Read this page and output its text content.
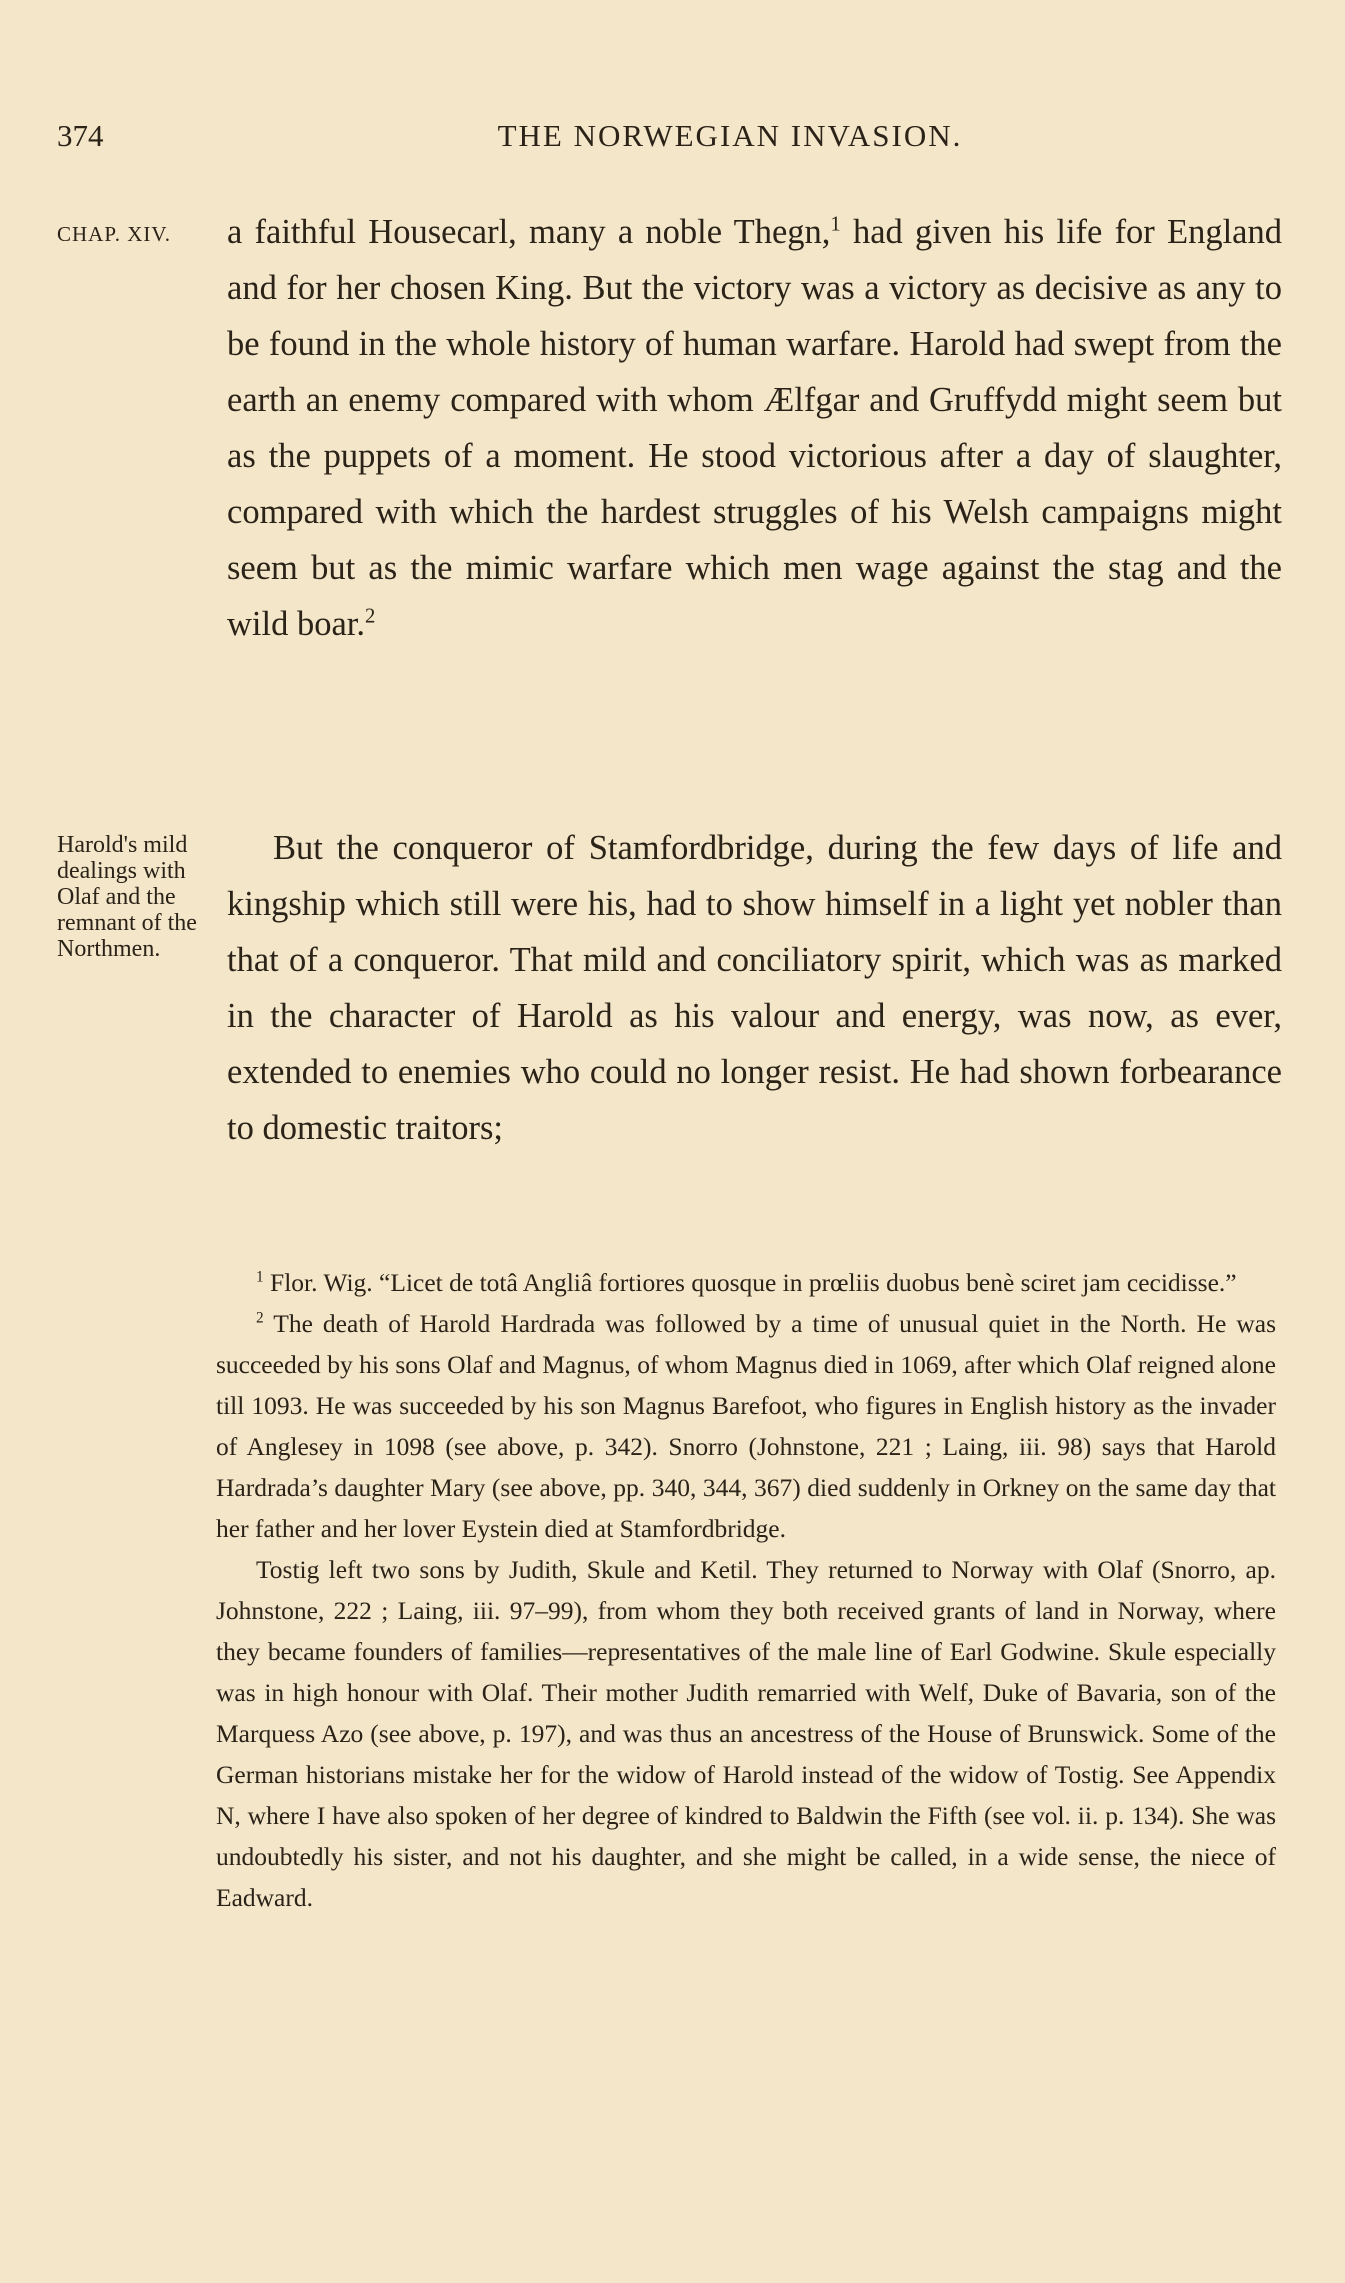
374	THE NORWEGIAN INVASION.
CHAP. XIV.
Harold's mild dealings with Olaf and the remnant of the Northmen.
a faithful Housecarl, many a noble Thegn,$^1$ had given his life for England and for her chosen King. But the victory was a victory as decisive as any to be found in the whole history of human warfare. Harold had swept from the earth an enemy compared with whom Ælfgar and Gruffydd might seem but as the puppets of a moment. He stood victorious after a day of slaughter, compared with which the hardest struggles of his Welsh campaigns might seem but as the mimic warfare which men wage against the stag and the wild boar.$^2$
But the conqueror of Stamfordbridge, during the few days of life and kingship which still were his, had to show himself in a light yet nobler than that of a conqueror. That mild and conciliatory spirit, which was as marked in the character of Harold as his valour and energy, was now, as ever, extended to enemies who could no longer resist. He had shown forbearance to domestic traitors;

$^1$ Flor. Wig. “Licet de totâ Angliâ fortiores quosque in prœliis duobus benè sciret jam cecidisse.”

$^2$ The death of Harold Hardrada was followed by a time of unusual quiet in the North. He was succeeded by his sons Olaf and Magnus, of whom Magnus died in 1069, after which Olaf reigned alone till 1093. He was succeeded by his son Magnus Barefoot, who figures in English history as the invader of Anglesey in 1098 (see above, p. 342). Snorro (Johnstone, 221 ; Laing, iii. 98) says that Harold Hardrada’s daughter Mary (see above, pp. 340, 344, 367) died suddenly in Orkney on the same day that her father and her lover Eystein died at Stamfordbridge.

Tostig left two sons by Judith, Skule and Ketil. They returned to Norway with Olaf (Snorro, ap. Johnstone, 222 ; Laing, iii. 97–99), from whom they both received grants of land in Norway, where they became founders of families—representatives of the male line of Earl Godwine. Skule especially was in high honour with Olaf. Their mother Judith remarried with Welf, Duke of Bavaria, son of the Marquess Azo (see above, p. 197), and was thus an ancestress of the House of Brunswick. Some of the German historians mistake her for the widow of Harold instead of the widow of Tostig. See Appendix N, where I have also spoken of her degree of kindred to Baldwin the Fifth (see vol. ii. p. 134). She was undoubtedly his sister, and not his daughter, and she might be called, in a wide sense, the niece of Eadward.
